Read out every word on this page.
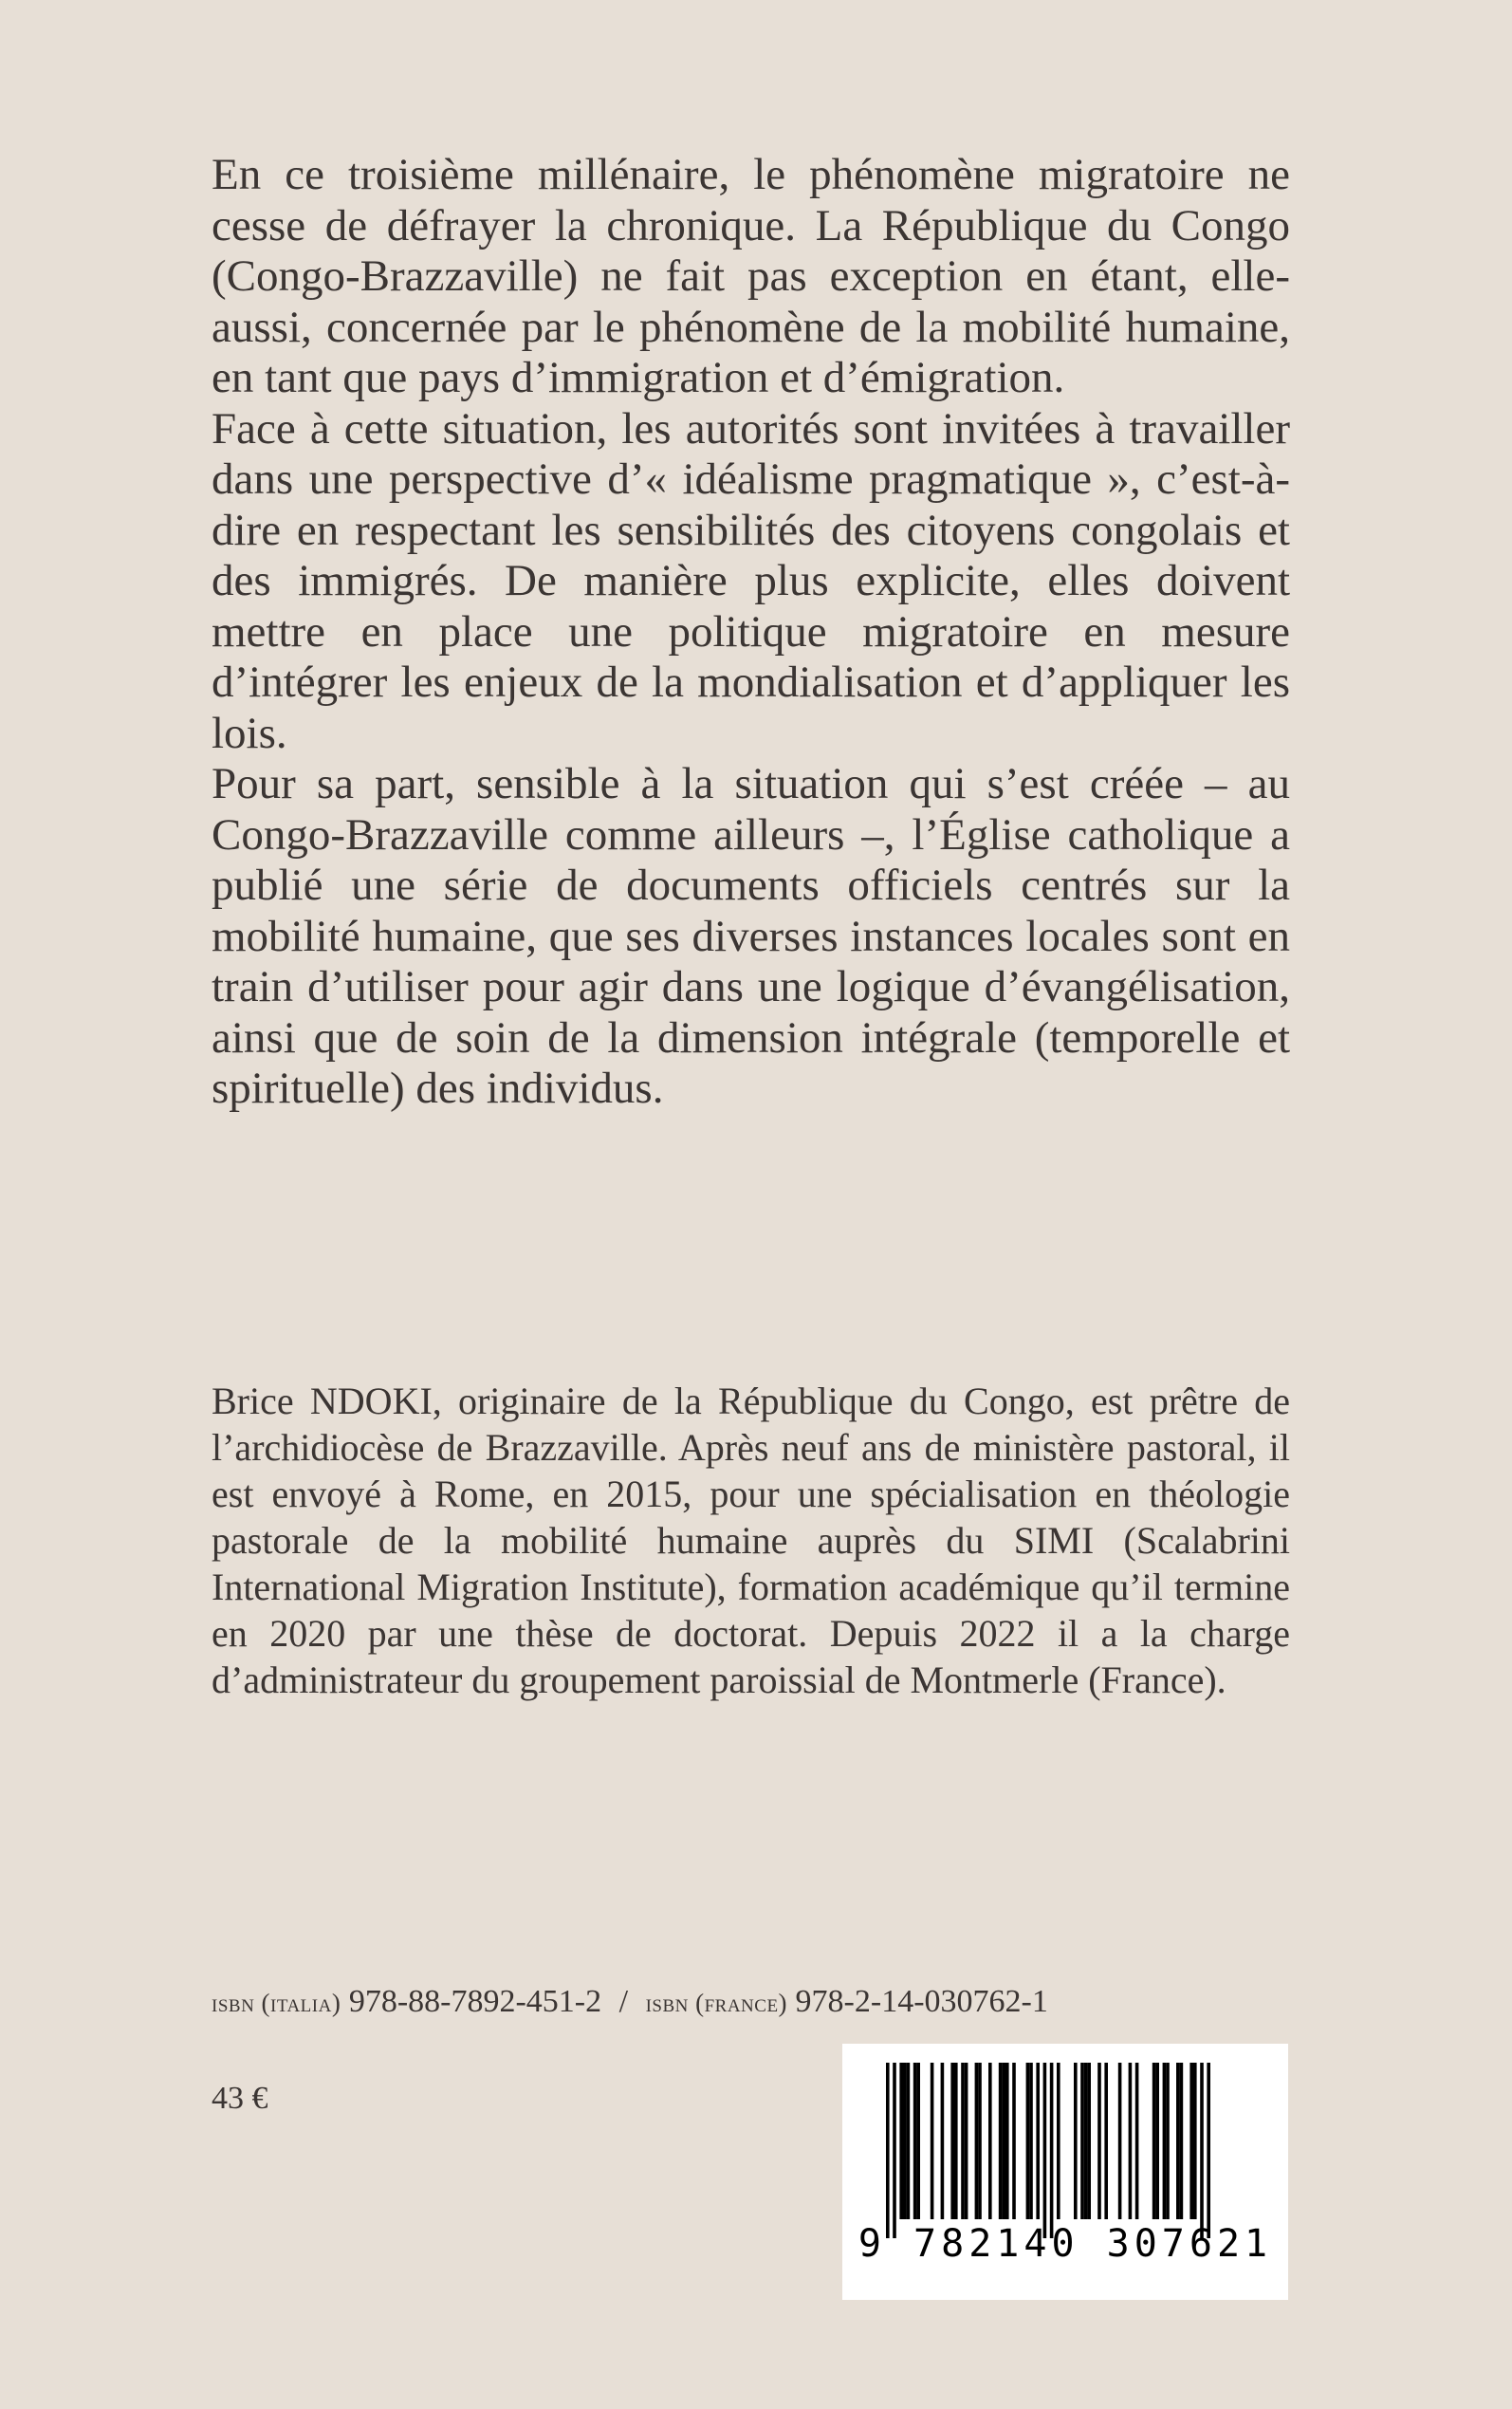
En ce troisième millénaire, le phénomène migratoire ne cesse de défrayer la chronique. La République du Congo (Congo-Brazzaville) ne fait pas exception en étant, elle-aussi, concernée par le phénomène de la mobilité humaine, en tant que pays d’immigration et d’émigration.

Face à cette situation, les autorités sont invitées à travailler dans une perspective d’« idéalisme pragmatique », c’est-à-dire en respectant les sensibilités des citoyens congolais et des immigrés. De manière plus explicite, elles doivent mettre en place une politique migratoire en mesure d’intégrer les enjeux de la mondialisation et d’appliquer les lois.

Pour sa part, sensible à la situation qui s’est créée – au Congo-Brazzaville comme ailleurs –, l’Église catholique a publié une série de documents officiels centrés sur la mobilité humaine, que ses diverses instances locales sont en train d’utiliser pour agir dans une logique d’évangélisation, ainsi que de soin de la dimension intégrale (temporelle et spirituelle) des individus.

Brice NDOKI, originaire de la République du Congo, est prêtre de l’archidiocèse de Brazzaville. Après neuf ans de ministère pastoral, il est envoyé à Rome, en 2015, pour une spécialisation en théologie pastorale de la mobilité humaine auprès du SIMI (Scalabrini International Migration Institute), formation académique qu’il termine en 2020 par une thèse de doctorat. Depuis 2022 il a la charge d’administrateur du groupement paroissial de Montmerle (France).

isbn (italia) 978-88-7892-451-2 / isbn (france) 978-2-14-030762-1
43 €
9 782140 307621
